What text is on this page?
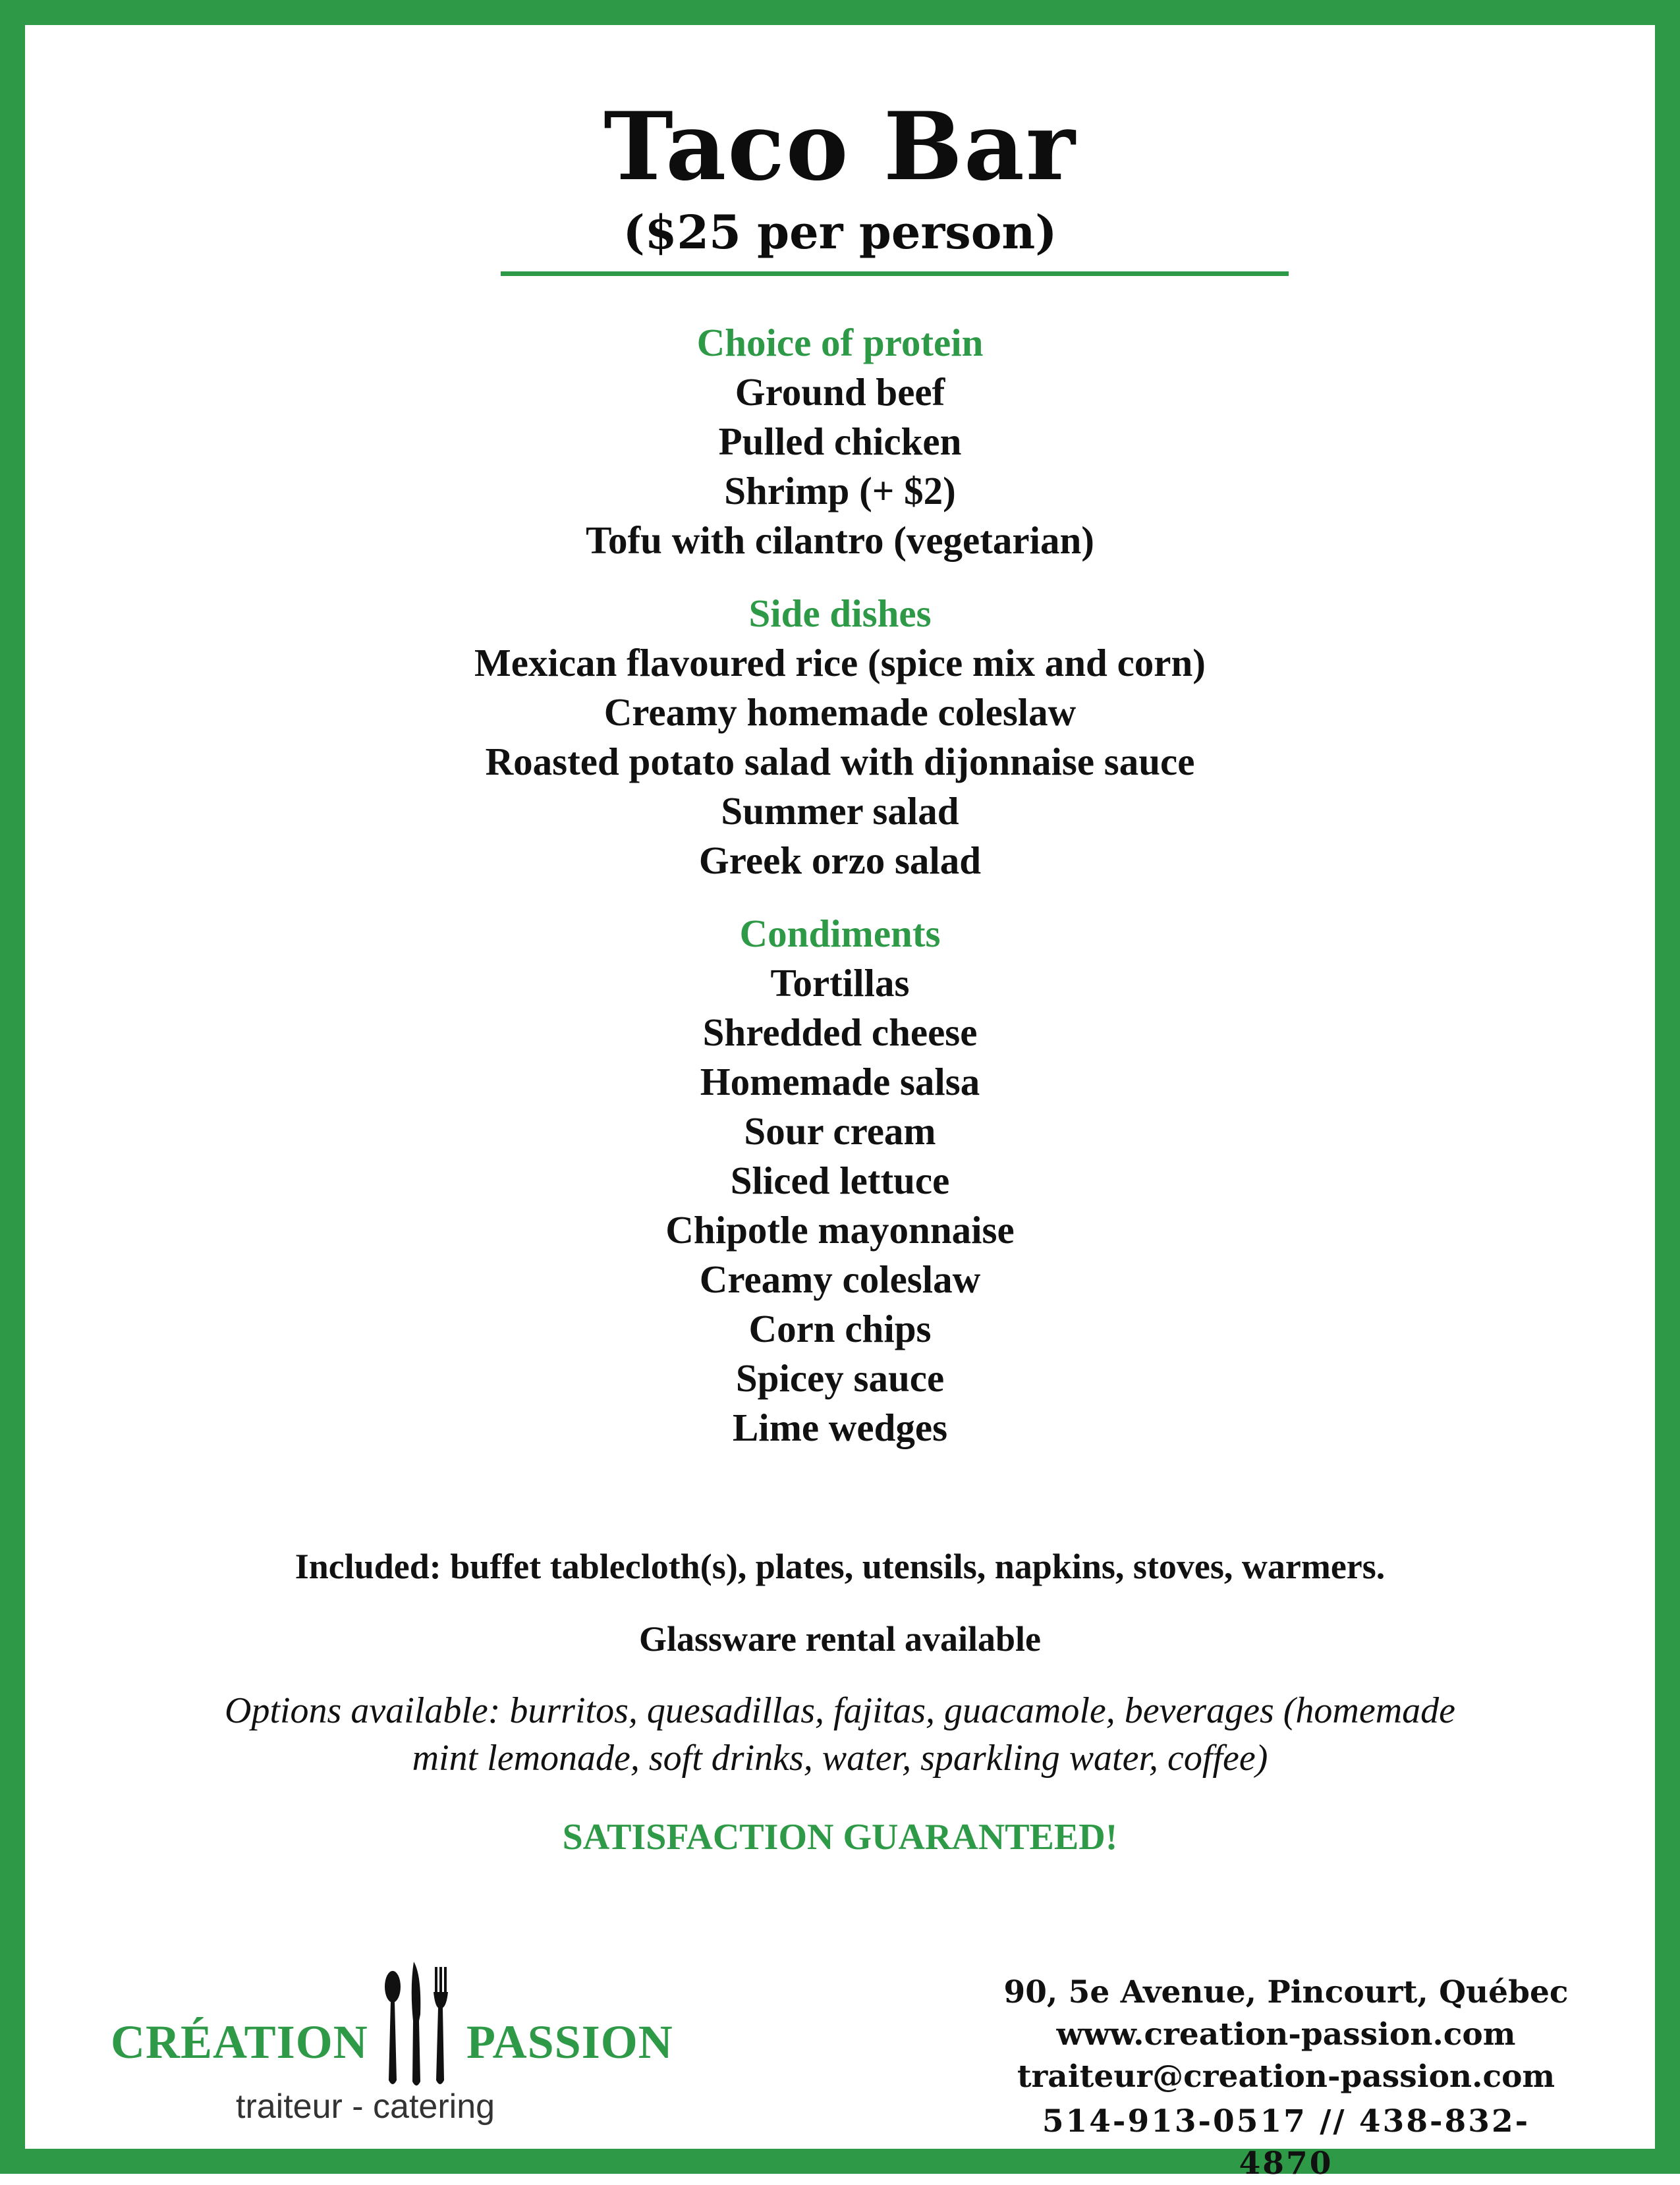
Taco Bar
($25 per person)
Choice of protein
Ground beef
Pulled chicken
Shrimp (+ $2)
Tofu with cilantro (vegetarian)
Side dishes
Mexican flavoured rice (spice mix and corn)
Creamy homemade coleslaw
Roasted potato salad with dijonnaise sauce
Summer salad
Greek orzo salad
Condiments
Tortillas
Shredded cheese
Homemade salsa
Sour cream
Sliced lettuce
Chipotle mayonnaise
Creamy coleslaw
Corn chips
Spicey sauce
Lime wedges
Included: buffet tablecloth(s), plates, utensils, napkins, stoves, warmers.
Glassware rental available
Options available: burritos, quesadillas, fajitas, guacamole, beverages (homemade mint lemonade, soft drinks, water, sparkling water, coffee)
SATISFACTION GUARANTEED!
CRÉATION PASSION
traiteur - catering
90, 5e Avenue, Pincourt, Québec
www.creation-passion.com
traiteur@creation-passion.com
514-913-0517 // 438-832-4870
